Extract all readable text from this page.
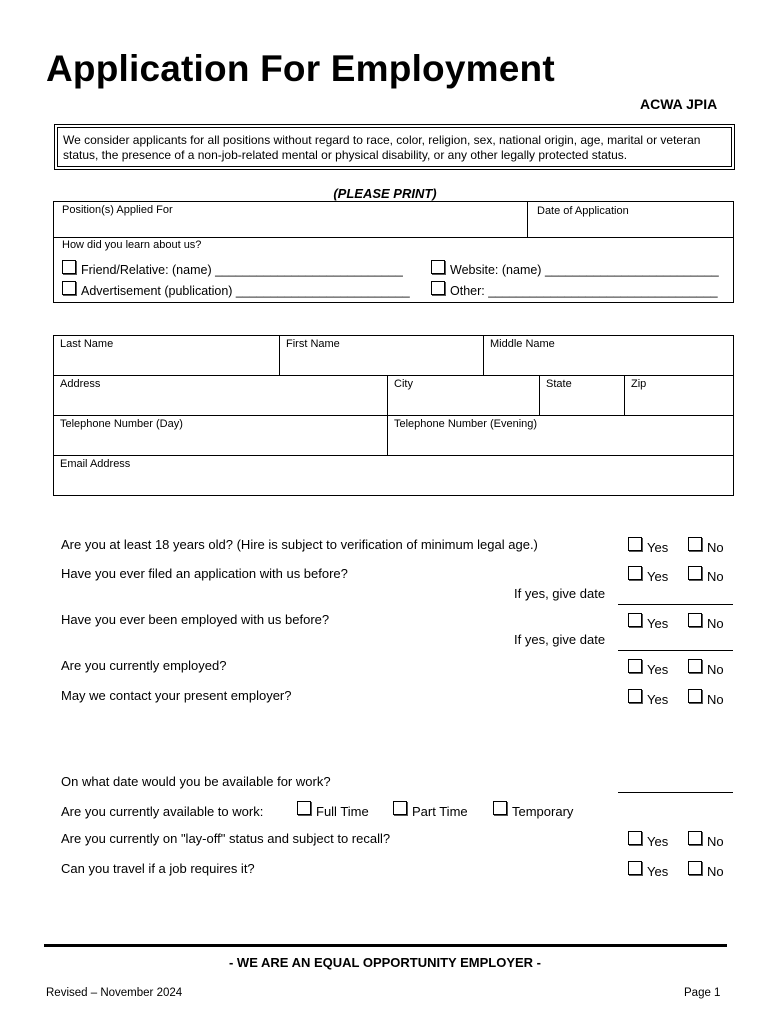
Application For Employment
ACWA JPIA
We consider applicants for all positions without regard to race, color, religion, sex, national origin, age, marital or veteran status, the presence of a non-job-related mental or physical disability, or any other legally protected status.
(PLEASE PRINT)
Position(s) Applied For	Date of Application
How did you learn about us?
Friend/Relative: (name) ___________________________
Advertisement (publication) _________________________
Website: (name) _________________________
Other: _________________________________
Last Name	First Name	Middle Name
Address	City	State	Zip
Telephone Number (Day)	Telephone Number (Evening)
Email Address
Are you at least 18 years old? (Hire is subject to verification of minimum legal age.)	Yes	No
Have you ever filed an application with us before?	Yes	No
If yes, give date
Have you ever been employed with us before?	Yes	No
If yes, give date
Are you currently employed?	Yes	No
May we contact your present employer?	Yes	No
On what date would you be available for work?
Are you currently available to work:	Full Time	Part Time	Temporary
Are you currently on "lay-off" status and subject to recall?	Yes	No
Can you travel if a job requires it?	Yes	No
- WE ARE AN EQUAL OPPORTUNITY EMPLOYER -
Revised – November 2024	Page 1
